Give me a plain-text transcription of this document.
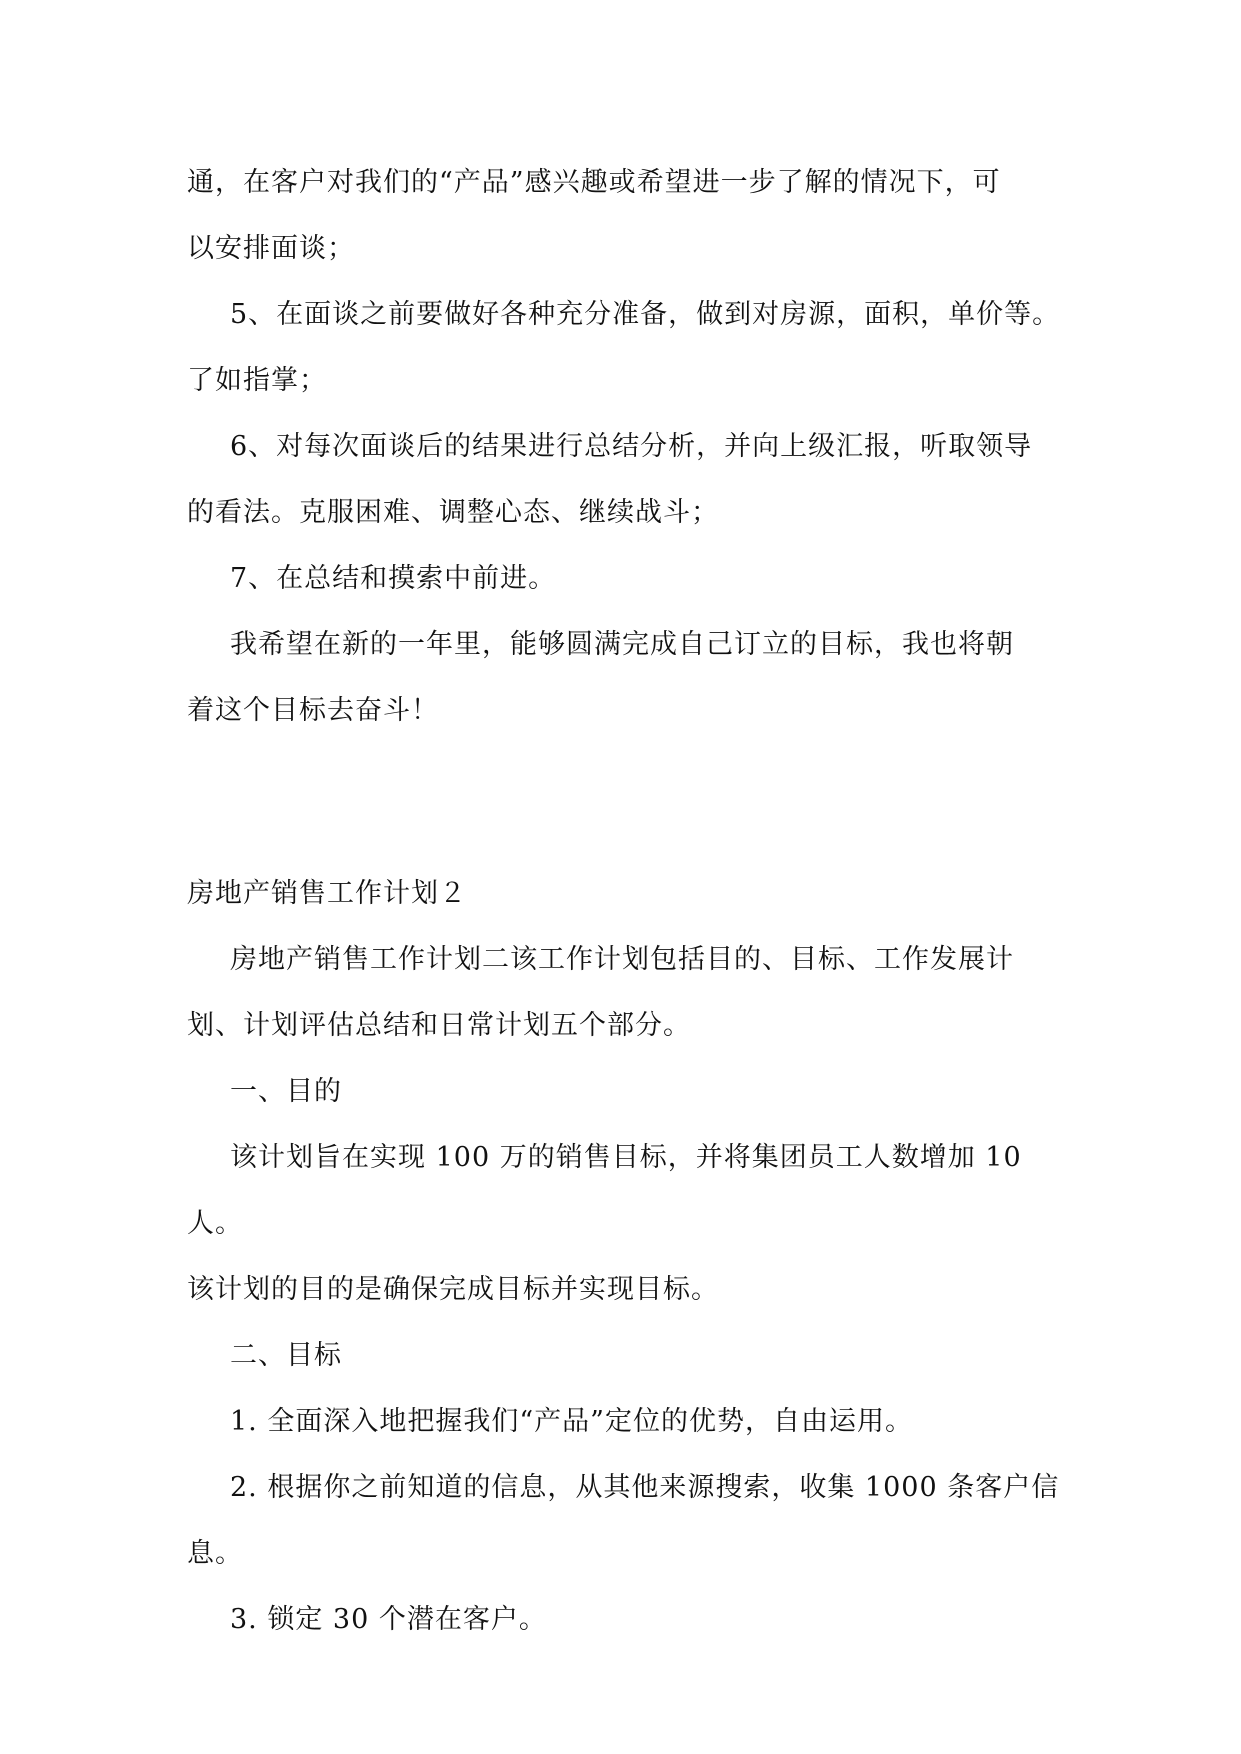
通，在客户对我们的“产品”感兴趣或希望进一步了解的情况下，可

以安排面谈；

5、在面谈之前要做好各种充分准备，做到对房源，面积，单价等。

了如指掌；

6、对每次面谈后的结果进行总结分析，并向上级汇报，听取领导

的看法。克服困难、调整心态、继续战斗；

7、在总结和摸索中前进。

我希望在新的一年里，能够圆满完成自己订立的目标，我也将朝

着这个目标去奋斗！

房地产销售工作计划２

房地产销售工作计划二该工作计划包括目的、目标、工作发展计

划、计划评估总结和日常计划五个部分。

一、目的

该计划旨在实现 100 万的销售目标，并将集团员工人数增加 10 人。

该计划的目的是确保完成目标并实现目标。

二、目标

1. 全面深入地把握我们“产品”定位的优势，自由运用。

2. 根据你之前知道的信息，从其他来源搜索，收集 1000 条客户信

息。

3. 锁定 30 个潜在客户。
